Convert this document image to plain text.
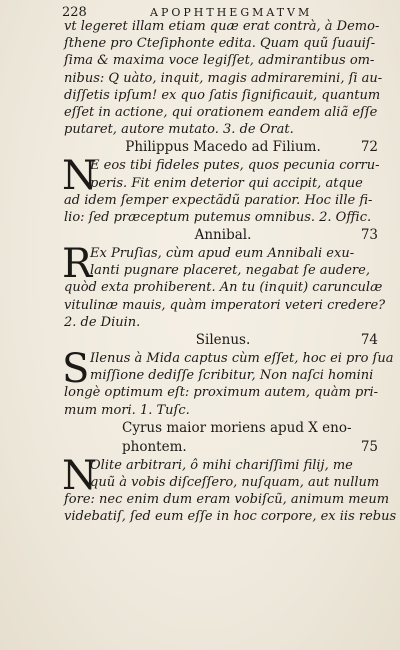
228	APOPHTHEGMATVM
vt legeret illam etiam quæ erat contrà, à Demo-
ſthene pro Cteſiphonte edita. Quam quũ ſuauiſ-
ſima & maxima voce legiſſet, admirantibus om-
nibus: Q uàto, inquit, magis admiraremini, ſi au-
diſſetis ipſum! ex quo ſatis ſignificauit, quantum
eſſet in actione, qui orationem eandem aliã eſſe
putaret, autore mutato. 3. de Orat.
Philippus Macedo ad Filium.	72
N
E eos tibi fideles putes, quos pecunia corru-
peris. Fit enim deterior qui accipit, atque
ad idem ſemper expectãdũ paratior. Hoc ille fi-
lio: ſed præceptum putemus omnibus. 2. Offic.
Annibal.	73
R
Ex Pruſias, cùm apud eum Annibali exu-
lanti pugnare placeret, negabat ſe audere,
quòd exta prohiberent. An tu (inquit) carunculæ
vitulinæ mauis, quàm imperatori veteri credere?
2. de Diuin.
Silenus.	74
S Ilenus à Mida captus cùm eſſet, hoc ei pro ſua
miſſione dediſſe ſcribitur, Non naſci homini
longè optimum eſt: proximum autem, quàm pri-
mum mori. 1. Tuſc.
Cyrus maior moriens apud X eno-
phontem.	75
N
Olite arbitrari, ô mihi chariſſimi filij, me
quũ à vobis diſceſſero, nuſquam, aut nullum
fore: nec enim dum eram vobiſcũ, animum meum
videbatiſ, ſed eum eſſe in hoc corpore, ex iis rebus
